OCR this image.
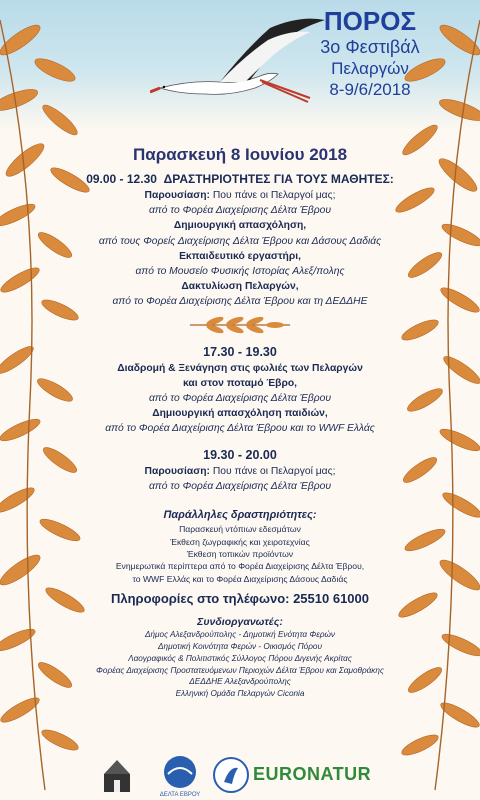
ΠΟΡΟΣ
3ο Φεστιβάλ
Πελαργών
8-9/6/2018
Παρασκευή 8 Ιουνίου 2018
09.00 - 12.30 ΔΡΑΣΤΗΡΙΟΤΗΤΕΣ ΓΙΑ ΤΟΥΣ ΜΑΘΗΤΕΣ:
Παρουσίαση: Που πάνε οι Πελαργοί μας;
από το Φορέα Διαχείρισης Δέλτα Έβρου
Δημιουργική απασχόληση,
από τους Φορείς Διαχείρισης Δέλτα Έβρου και Δάσους Δαδιάς
Εκπαιδευτικό εργαστήρι,
από το Μουσείο Φυσικής Ιστορίας Αλεξ/πολης
Δακτυλίωση Πελαργών,
από το Φορέα Διαχείρισης Δέλτα Έβρου και τη ΔΕΔΔΗΕ
17.30 - 19.30
Διαδρομή & Ξενάγηση στις φωλιές των Πελαργών
και στον ποταμό Έβρο,
από το Φορέα Διαχείρισης Δέλτα Έβρου
Δημιουργική απασχόληση παιδιών,
από το Φορέα Διαχείρισης Δέλτα Έβρου και το WWF Ελλάς
19.30 - 20.00
Παρουσίαση: Που πάνε οι Πελαργοί μας;
από το Φορέα Διαχείρισης Δέλτα Έβρου
Παράλληλες δραστηριότητες:
Παρασκευή ντόπιων εδεσμάτων
Έκθεση ζωγραφικής και χειροτεχνίας
Έκθεση τοπικών προϊόντων
Ενημερωτικά περίπτερα από το Φορέα Διαχείρισης Δέλτα Έβρου,
το WWF Ελλάς και το Φορέα Διαχείρισης Δάσους Δαδιάς
Πληροφορίες στο τηλέφωνο: 25510 61000
Συνδιοργανωτές:
Δήμος Αλεξανδρούπολης - Δημοτική Ενότητα Φερών
Δημοτική Κοινότητα Φερών - Οικισμός Πόρου
Λαογραφικός & Πολιτιστικός Σύλλογος Πόρου Διγενής Ακρίτας
Φορέας Διαχείρισης Προστατευόμενων Περιοχών Δέλτα Έβρου και Σαμοθράκης
ΔΕΔΔΗΕ Αλεξανδρούπολης
Ελληνική Ομάδα Πελαργών Ciconia
ΔΕΛΤΑ ΕΒΡΟΥ
EURONATUR
